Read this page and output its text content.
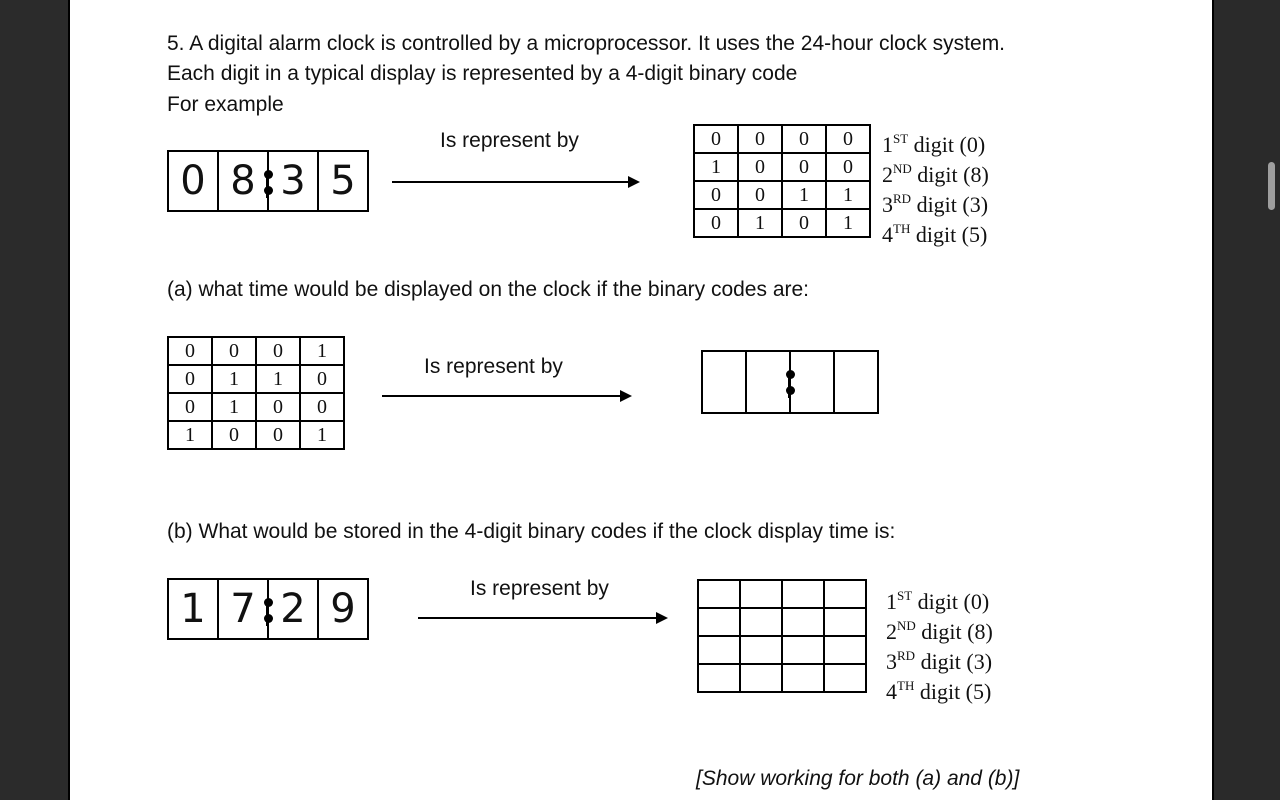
5. A digital alarm clock is controlled by a microprocessor. It uses the 24-hour clock system.
Each digit in a typical display is represented by a 4-digit binary code
For example
0 8 3 5
Is represent by	0	0	0	0
1	0	0	0
0	0	1	1
0	1	0	1
1ST digit (0)
2ND digit (8)
3RD digit (3)
4TH digit (5)
(a) what time would be displayed on the clock if the binary codes are:
0	0	0	1
0	1	1	0
0	1	0	0
1	0	0	1
Is represent by
(b) What would be stored in the 4-digit binary codes if the clock display time is:
1 7 2 9	Is represent by

1ST digit (0)
2ND digit (8)
3RD digit (3)
4TH digit (5)
[Show working for both (a) and (b)]
